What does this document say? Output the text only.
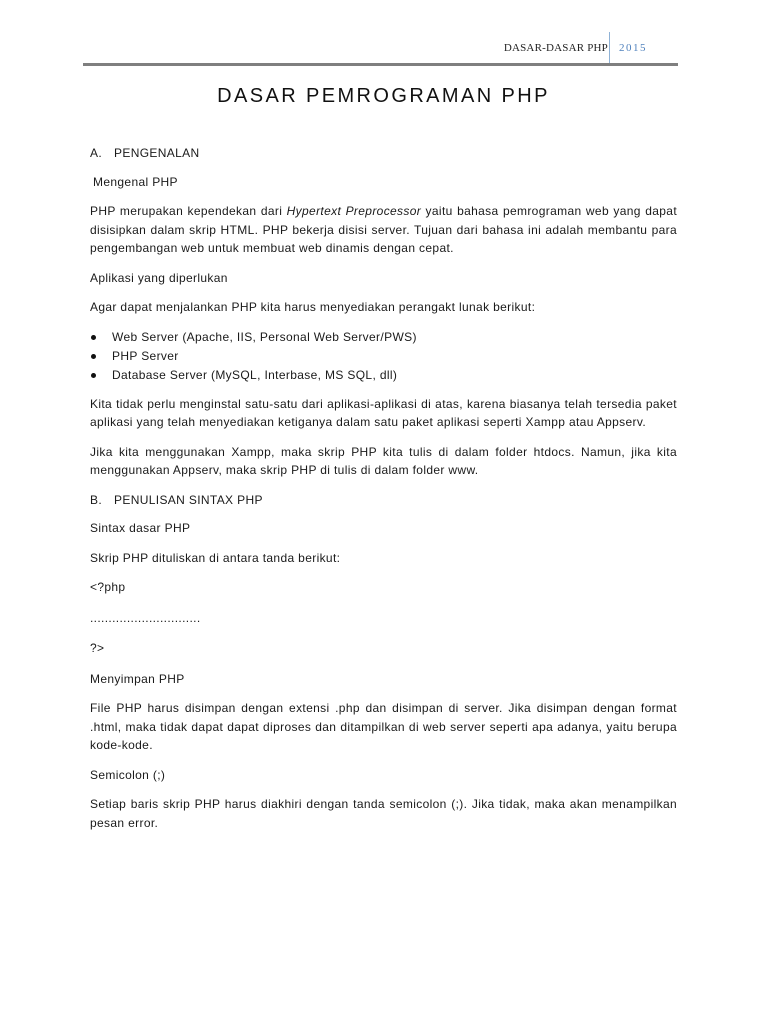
DASAR-DASAR PHP 2015
DASAR PEMROGRAMAN PHP
A. PENGENALAN

Mengenal PHP

PHP merupakan kependekan dari Hypertext Preprocessor yaitu bahasa pemrograman web yang dapat disisipkan dalam skrip HTML. PHP bekerja disisi server. Tujuan dari bahasa ini adalah membantu para pengembangan web untuk membuat web dinamis dengan cepat.

Aplikasi yang diperlukan

Agar dapat menjalankan PHP kita harus menyediakan perangakt lunak berikut:

Web Server (Apache, IIS, Personal Web Server/PWS)
PHP Server
Database Server (MySQL, Interbase, MS SQL, dll)

Kita tidak perlu menginstal satu-satu dari aplikasi-aplikasi di atas, karena biasanya telah tersedia paket aplikasi yang telah menyediakan ketiganya dalam satu paket aplikasi seperti Xampp atau Appserv.

Jika kita menggunakan Xampp, maka skrip PHP kita tulis di dalam folder htdocs. Namun, jika kita menggunakan Appserv, maka skrip PHP di tulis di dalam folder www.

B. PENULISAN SINTAX PHP

Sintax dasar PHP

Skrip PHP dituliskan di antara tanda berikut:

<?php

..............................

?>

Menyimpan PHP

File PHP harus disimpan dengan extensi .php dan disimpan di server. Jika disimpan dengan format .html, maka tidak dapat dapat diproses dan ditampilkan di web server seperti apa adanya, yaitu berupa kode-kode.

Semicolon (;)

Setiap baris skrip PHP harus diakhiri dengan tanda semicolon (;). Jika tidak, maka akan menampilkan pesan error.
